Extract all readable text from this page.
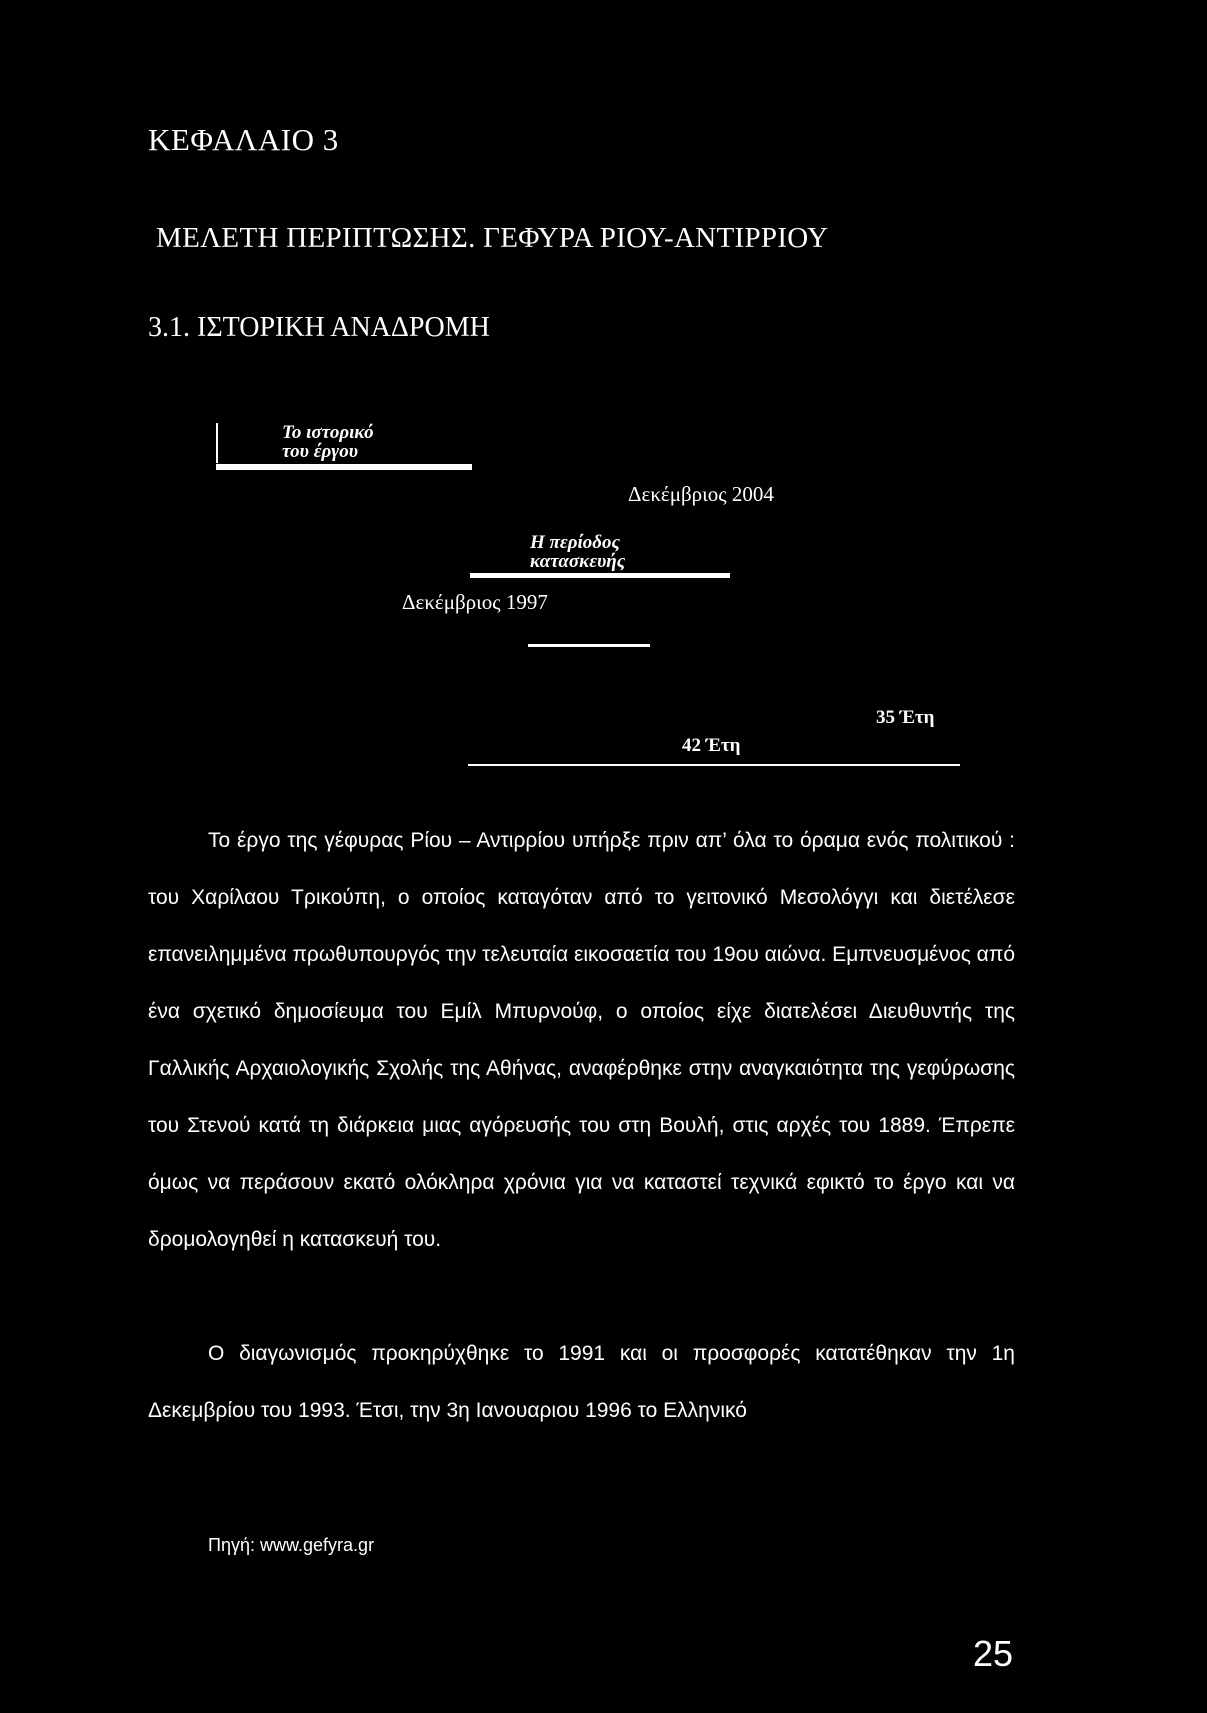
ΚΕΦΑΛΑΙΟ 3
ΜΕΛΕΤΗ ΠΕΡΙΠΤΩΣΗΣ. ΓΕΦΥΡΑ ΡΙΟΥ-ΑΝΤΙΡΡΙΟΥ
3.1. ΙΣΤΟΡΙΚΗ ΑΝΑΔΡΟΜΗ
Το ιστορικό
του έργου
Δεκέμβριος 2004
Η περίοδος
κατασκευής
Δεκέμβριος 1997
35 Έτη
42 Έτη
Το έργο της γέφυρας Ρίου – Αντιρρίου υπήρξε πριν απ’ όλα το όραμα ενός πολιτικού : του Χαρίλαου Τρικούπη, ο οποίος καταγόταν από το γειτονικό Μεσολόγγι και διετέλεσε επανειλημμένα πρωθυπουργός την τελευταία εικοσαετία του 19ου αιώνα. Εμπνευσμένος από ένα σχετικό δημοσίευμα του Εμίλ Μπυρνούφ, ο οποίος είχε διατελέσει Διευθυντής της Γαλλικής Αρχαιολογικής Σχολής της Αθήνας, αναφέρθηκε στην αναγκαιότητα της γεφύρωσης του Στενού κατά τη διάρκεια μιας αγόρευσής του στη Βουλή, στις αρχές του 1889. Έπρεπε όμως να περάσουν εκατό ολόκληρα χρόνια για να καταστεί τεχνικά εφικτό το έργο και να δρομολογηθεί η κατασκευή του.
Ο διαγωνισμός προκηρύχθηκε το 1991 και οι προσφορές κατατέθηκαν την 1η Δεκεμβρίου του 1993. Έτσι, την 3η Ιανουαριου 1996 το Ελληνικό
Πηγή: www.gefyra.gr
25
